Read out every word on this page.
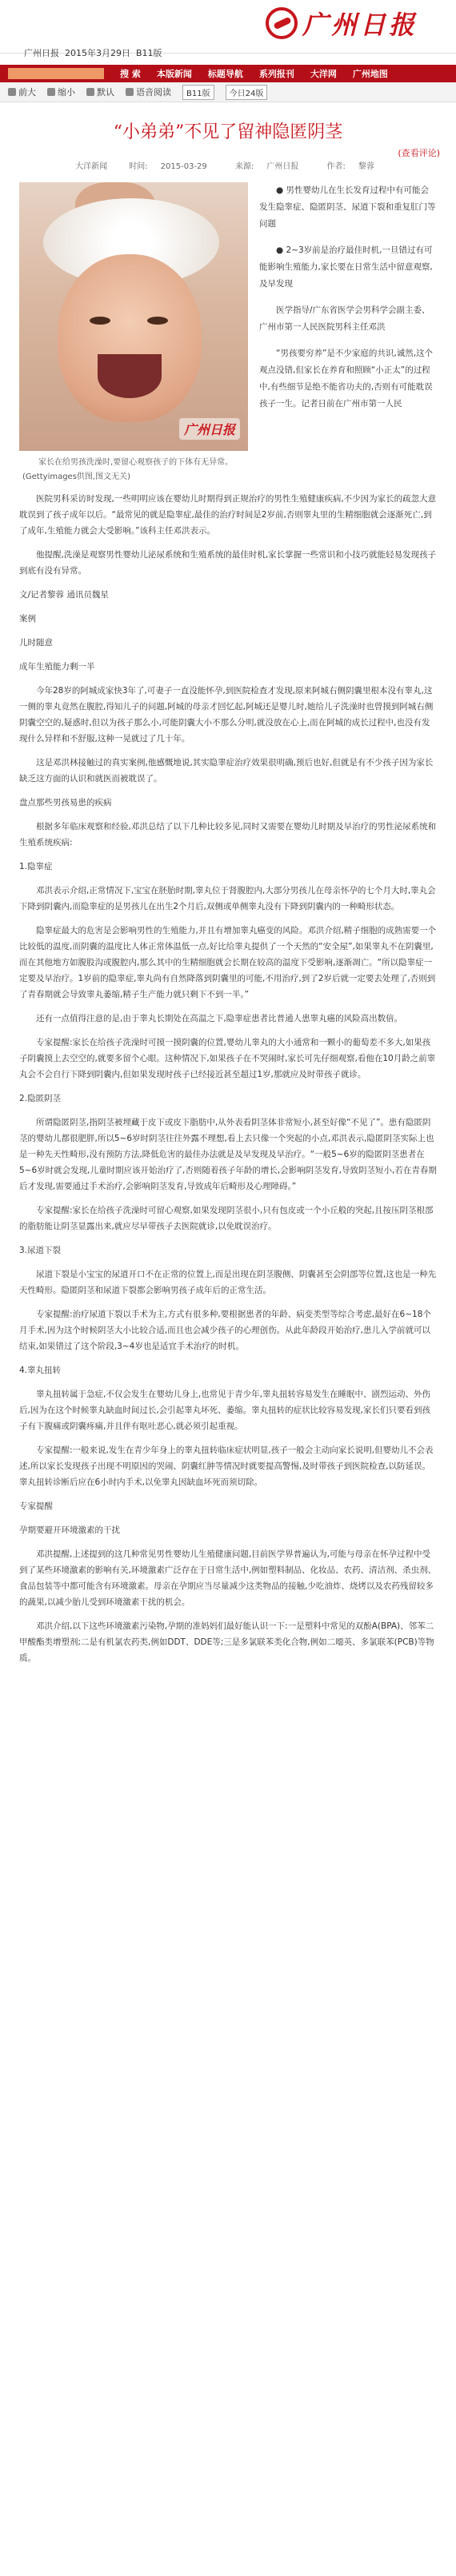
广州日报
广州日报 2015年3月29日 B11版
搜 索	本版新闻	标题导航	系列报刊	大洋网	广州地图
前大 缩小 默认 语音阅读	B11版	今日24版
“小弟弟”不见了留神隐匿阴茎
(查看评论)
大洋新闻	时间: 2015-03-29	来源: 广州日报	作者: 黎蓉
广州日报
家长在给男孩洗澡时,要留心观察孩子的下体有无异常。(Gettyimages供图,图文无关)

● 男性婴幼儿在生长发育过程中有可能会发生隐睾症、隐匿阴茎、尿道下裂和重复肛门等问题

● 2~3岁前是治疗最佳时机,一旦错过有可能影响生殖能力,家长要在日常生活中留意观察,及早发现

医学指导/广东省医学会男科学会副主委、广州市第一人民医院男科主任邓洪

“男孩要穷养”是不少家庭的共识,诚然,这个观点没错,但家长在养育和照顾“小正太”的过程中,有些细节是绝不能省功夫的,否则有可能耽误孩子一生。记者日前在广州市第一人民

医院男科采访时发现,一些明明应该在婴幼儿时期得到正规治疗的男性生殖健康疾病,不少因为家长的疏忽大意耽误到了孩子成年以后。“最常见的就是隐睾症,最佳的治疗时间是2岁前,否则睾丸里的生精细胞就会逐渐死亡,到了成年,生殖能力就会大受影响。”该科主任邓洪表示。

他提醒,洗澡是观察男性婴幼儿泌尿系统和生殖系统的最佳时机,家长掌握一些常识和小技巧就能轻易发现孩子到底有没有异常。

文/记者黎蓉 通讯员魏星

案例

儿时随意

成年生殖能力剩一半

今年28岁的阿城成家快3年了,可妻子一直没能怀孕,到医院检查才发现,原来阿城右侧阴囊里根本没有睾丸,这一侧的睾丸竟然在腹腔,得知儿子的问题,阿城的母亲才回忆起,阿城还是婴儿时,她给儿子洗澡时也曾摸到阿城右侧阴囊空空的,疑惑时,但以为孩子那么小,可能阴囊大小不那么分明,就没放在心上,而在阿城的成长过程中,也没有发现什么异样和不舒服,这种一晃就过了几十年。

这是邓洪林接触过的真实案例,他感慨地说,其实隐睾症治疗效果很明确,预后也好,但就是有不少孩子因为家长缺乏这方面的认识和就医而被耽误了。

盘点那些男孩易患的疾病

根据多年临床观察和经验,邓洪总结了以下几种比较多见,同时又需要在婴幼儿时期及早治疗的男性泌尿系统和生殖系统疾病:

1.隐睾症

邓洪表示介绍,正常情况下,宝宝在胚胎时期,睾丸位于肾腹腔内,大部分男孩儿在母亲怀孕的七个月大时,睾丸会下降到阴囊内,而隐睾症的是男孩儿在出生2个月后,双侧或单侧睾丸没有下降到阴囊内的一种畸形状态。

隐睾症最大的危害是会影响男性的生殖能力,并且有增加睾丸癌变的风险。邓洪介绍,精子细胞的成熟需要一个比较低的温度,而阴囊的温度比人体正常体温低一点,好比给睾丸提供了一个天然的“安全屋”,如果睾丸不在阴囊里,而在其他地方如腹股沟或腹腔内,那么其中的生精细胞就会长期在较高的温度下受影响,逐渐凋亡。“所以隐睾症一定要及早治疗。1岁前的隐睾症,睾丸尚有自然降落到阴囊里的可能,不用治疗,到了2岁后就一定要去处理了,否则到了青春期就会导致睾丸萎缩,精子生产能力就只剩下不到一半。”

还有一点值得注意的是,由于睾丸长期处在高温之下,隐睾症患者比普通人患睾丸癌的风险高出数倍。

专家提醒:家长在给孩子洗澡时可摸一摸阴囊的位置,婴幼儿睾丸的大小通常和一颗小的葡萄差不多大,如果孩子阴囊摸上去空空的,就要多留个心眼。这种情况下,如果孩子在不哭闹时,家长可先仔细观察,看他在10月龄之前睾丸会不会自行下降到阴囊内,但如果发现时孩子已经接近甚至超过1岁,那就应及时带孩子就诊。

2.隐匿阴茎

所谓隐匿阴茎,指阴茎被埋藏于皮下或皮下脂肪中,从外表看阴茎体非常短小,甚至好像“不见了”。患有隐匿阴茎的婴幼儿都很肥胖,所以5~6岁时阴茎往往外露不理想,看上去只像一个突起的小点,邓洪表示,隐匿阴茎实际上也是一种先天性畸形,没有预防方法,降低危害的最佳办法就是及早发现及早治疗。“一般5~6岁的隐匿阴茎患者在5~6岁时就会发现,儿童时期应该开始治疗了,否则随着孩子年龄的增长,会影响阴茎发育,导致阴茎短小,若在青春期后才发现,需要通过手术治疗,会影响阴茎发育,导致成年后畸形及心理障碍。”

专家提醒:家长在给孩子洗澡时可留心观察,如果发现阴茎很小,只有包皮或一个小丘般的突起,且按压阴茎根部的脂肪能让阴茎显露出来,就应尽早带孩子去医院就诊,以免耽误治疗。

3.尿道下裂

尿道下裂是小宝宝的尿道开口不在正常的位置上,而是出现在阴茎腹侧、阴囊甚至会阴部等位置,这也是一种先天性畸形。隐匿阴茎和尿道下裂都会影响男孩子成年后的正常生活。

专家提醒:治疗尿道下裂以手术为主,方式有很多种,要根据患者的年龄、病变类型等综合考虑,最好在6~18个月手术,因为这个时候阴茎大小比较合适,而且也会减少孩子的心理创伤。从此年龄段开始治疗,患儿入学前就可以结束,如果错过了这个阶段,3~4岁也是适宜手术治疗的时机。

4.睾丸扭转

睾丸扭转属于急症,不仅会发生在婴幼儿身上,也常见于青少年,睾丸扭转容易发生在睡眠中、剧烈运动、外伤后,因为在这个时候睾丸缺血时间过长,会引起睾丸坏死、萎缩。睾丸扭转的症状比较容易发现,家长们只要看到孩子有下腹痛或阴囊疼痛,并且伴有呕吐恶心,就必须引起重视。

专家提醒:一般来说,发生在青少年身上的睾丸扭转临床症状明显,孩子一般会主动向家长说明,但婴幼儿不会表述,所以家长发现孩子出现不明原因的哭闹、阴囊红肿等情况时就要提高警惕,及时带孩子到医院检查,以防延误。睾丸扭转诊断后应在6小时内手术,以免睾丸因缺血坏死而须切除。

专家提醒

孕期要避开环境激素的干扰

邓洪提醒,上述提到的这几种常见男性婴幼儿生殖健康问题,目前医学界普遍认为,可能与母亲在怀孕过程中受到了某些环境激素的影响有关,环境激素广泛存在于日常生活中,例如塑料制品、化妆品、农药、清洁剂、杀虫剂、食品包装等中都可能含有环境激素。母亲在孕期应当尽量减少这类物品的接触,少吃油炸、烧烤以及农药残留较多的蔬果,以减少胎儿受到环境激素干扰的机会。

邓洪介绍,以下这些环境激素污染物,孕期的准妈妈们最好能认识一下:一是塑料中常见的双酚A(BPA)、邻苯二甲酸酯类增塑剂;二是有机氯农药类,例如DDT、DDE等;三是多氯联苯类化合物,例如二噁英、多氯联苯(PCB)等物质。
